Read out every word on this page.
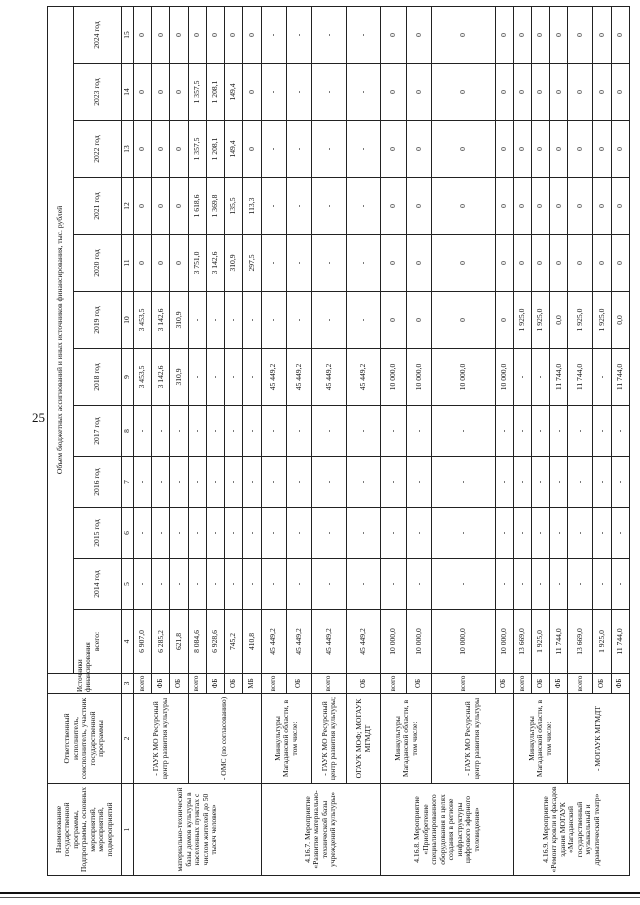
25
Наименование государственной программы, Подпрограммы, основных мероприятий, мероприятий, подмероприятий	Ответственный исполнитель, соисполнитель, участник государственной программы	Источники финансирования	Объем бюджетных ассигнований и иных источников финансирования, тыс. рублей											
			всего:	2014 год	2015 год	2016 год	2017 год	2018 год	2019 год	2020 год	2021 год	2022 год	2023 год	2024 год
1	2	3	4	5	6	7	8	9	10	11	12	13	14	15
материально-технической базы домов культуры в населенных пунктах с числом жителей до 50 тысяч человек»	- ГАУК МО Ресурсный центр развития культуры	всего	6 907,0	-	-	-	-	3 453,5	3 453,5	0	0	0	0	0
		ФБ	6 285,2	-	-	-	-	3 142,6	3 142,6	0	0	0	0	0
		ОБ	621,8	-	-	-	-	310,9	310,9	0	0	0	0	0
	- ОМС (по согласованию)	всего	8 084,6	-	-	-	-	-	-	3 751,0	1 618,6	1 357,5	1 357,5	0
		ФБ	6 928,6	-	-	-	-	-	-	3 142,6	1 369,8	1 208,1	1 208,1	0
		ОБ	745,2	-	-	-	-	-	-	310,9	135,5	149,4	149,4	0
		МБ	410,8	-	-	-	-	-	-	297,5	113,3	0	0	0
4.16.7. Мероприятие «Развитие материально-технической базы учреждений культуры»	Минкультуры Магаданской области, в том числе:	всего	45 449,2	-	-	-	-	45 449,2	-	-	-	-	-	-
		ОБ	45 449,2	-	-	-	-	45 449,2	-	-	-	-	-	-
	- ГАУК МО Ресурсный центр развития культуры;	всего	45 449,2	-	-	-	-	45 449,2	-	-	-	-	-	-
	ОГАУК МОФ; МОГАУК МГМДТ	ОБ	45 449,2	-	-	-	-	45 449,2	-	-	-	-	-	-
4.16.8. Мероприятие «Приобретение специализированного оборудования в целях создания в регионе инфраструктуры цифрового эфирного телевидения»	Минкультуры Магаданской области, в том числе:	всего	10 000,0	-	-	-	-	10 000,0	0	0	0	0	0	0
		ОБ	10 000,0	-	-	-	-	10 000,0	0	0	0	0	0	0
	- ГАУК МО Ресурсный центр развития культуры	всего	10 000,0	-	-	-	-	10 000,0	0	0	0	0	0	0
		ОБ	10 000,0	-	-	-	-	10 000,0	0	0	0	0	0	0
4.16.9. Мероприятие «Ремонт кровли и фасадов здания МОГАУК «Магаданский государственный музыкальный и драматический театр»	Минкультуры Магаданской области, в том числе:	всего	13 669,0	-	-	-	-	-	1 925,0	0	0	0	0	0
		ОБ	1 925,0	-	-	-	-	-	1 925,0	0	0	0	0	0
		ФБ	11 744,0	-	-	-	-	11 744,0	0,0	0	0	0	0	0
	- МОГАУК МГМДТ	всего	13 669,0	-	-	-	-	11 744,0	1 925,0	0	0	0	0	0
		ОБ	1 925,0	-	-	-	-	-	1 925,0	0	0	0	0	0
		ФБ	11 744,0	-	-	-	-	11 744,0	0,0	0	0	0	0	0
